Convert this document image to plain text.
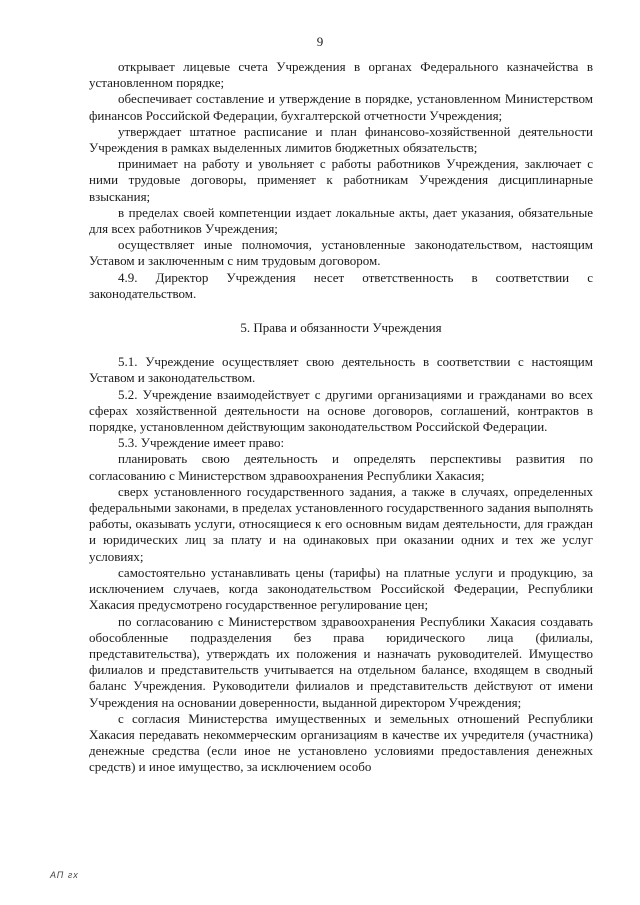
9

открывает лицевые счета Учреждения в органах Федерального казначейства в установленном порядке;

обеспечивает составление и утверждение в порядке, установленном Министерством финансов Российской Федерации, бухгалтерской отчетности Учреждения;

утверждает штатное расписание и план финансово-хозяйственной деятельности Учреждения в рамках выделенных лимитов бюджетных обязательств;

принимает на работу и увольняет с работы работников Учреждения, заключает с ними трудовые договоры, применяет к работникам Учреждения дисциплинарные взыскания;

в пределах своей компетенции издает локальные акты, дает указания, обязательные для всех работников Учреждения;

осуществляет иные полномочия, установленные законодательством, настоящим Уставом и заключенным с ним трудовым договором.

4.9. Директор Учреждения несет ответственность в соответствии с законодательством.

5. Права и обязанности Учреждения

5.1. Учреждение осуществляет свою деятельность в соответствии с настоящим Уставом и законодательством.

5.2. Учреждение взаимодействует с другими организациями и гражданами во всех сферах хозяйственной деятельности на основе договоров, соглашений, контрактов в порядке, установленном действующим законодательством Российской Федерации.

5.3. Учреждение имеет право:

планировать свою деятельность и определять перспективы развития по согласованию с Министерством здравоохранения Республики Хакасия;

сверх установленного государственного задания, а также в случаях, определенных федеральными законами, в пределах установленного государственного задания выполнять работы, оказывать услуги, относящиеся к его основным видам деятельности, для граждан и юридических лиц за плату и на одинаковых при оказании одних и тех же услуг условиях;

самостоятельно устанавливать цены (тарифы) на платные услуги и продукцию, за исключением случаев, когда законодательством Российской Федерации, Республики Хакасия предусмотрено государственное регулирование цен;

по согласованию с Министерством здравоохранения Республики Хакасия создавать обособленные подразделения без права юридического лица (филиалы, представительства), утверждать их положения и назначать руководителей. Имущество филиалов и представительств учитывается на отдельном балансе, входящем в сводный баланс Учреждения. Руководители филиалов и представительств действуют от имени Учреждения на основании доверенности, выданной директором Учреждения;

с согласия Министерства имущественных и земельных отношений Республики Хакасия передавать некоммерческим организациям в качестве их учредителя (участника) денежные средства (если иное не установлено условиями предоставления денежных средств) и иное имущество, за исключением особо

АП гх
